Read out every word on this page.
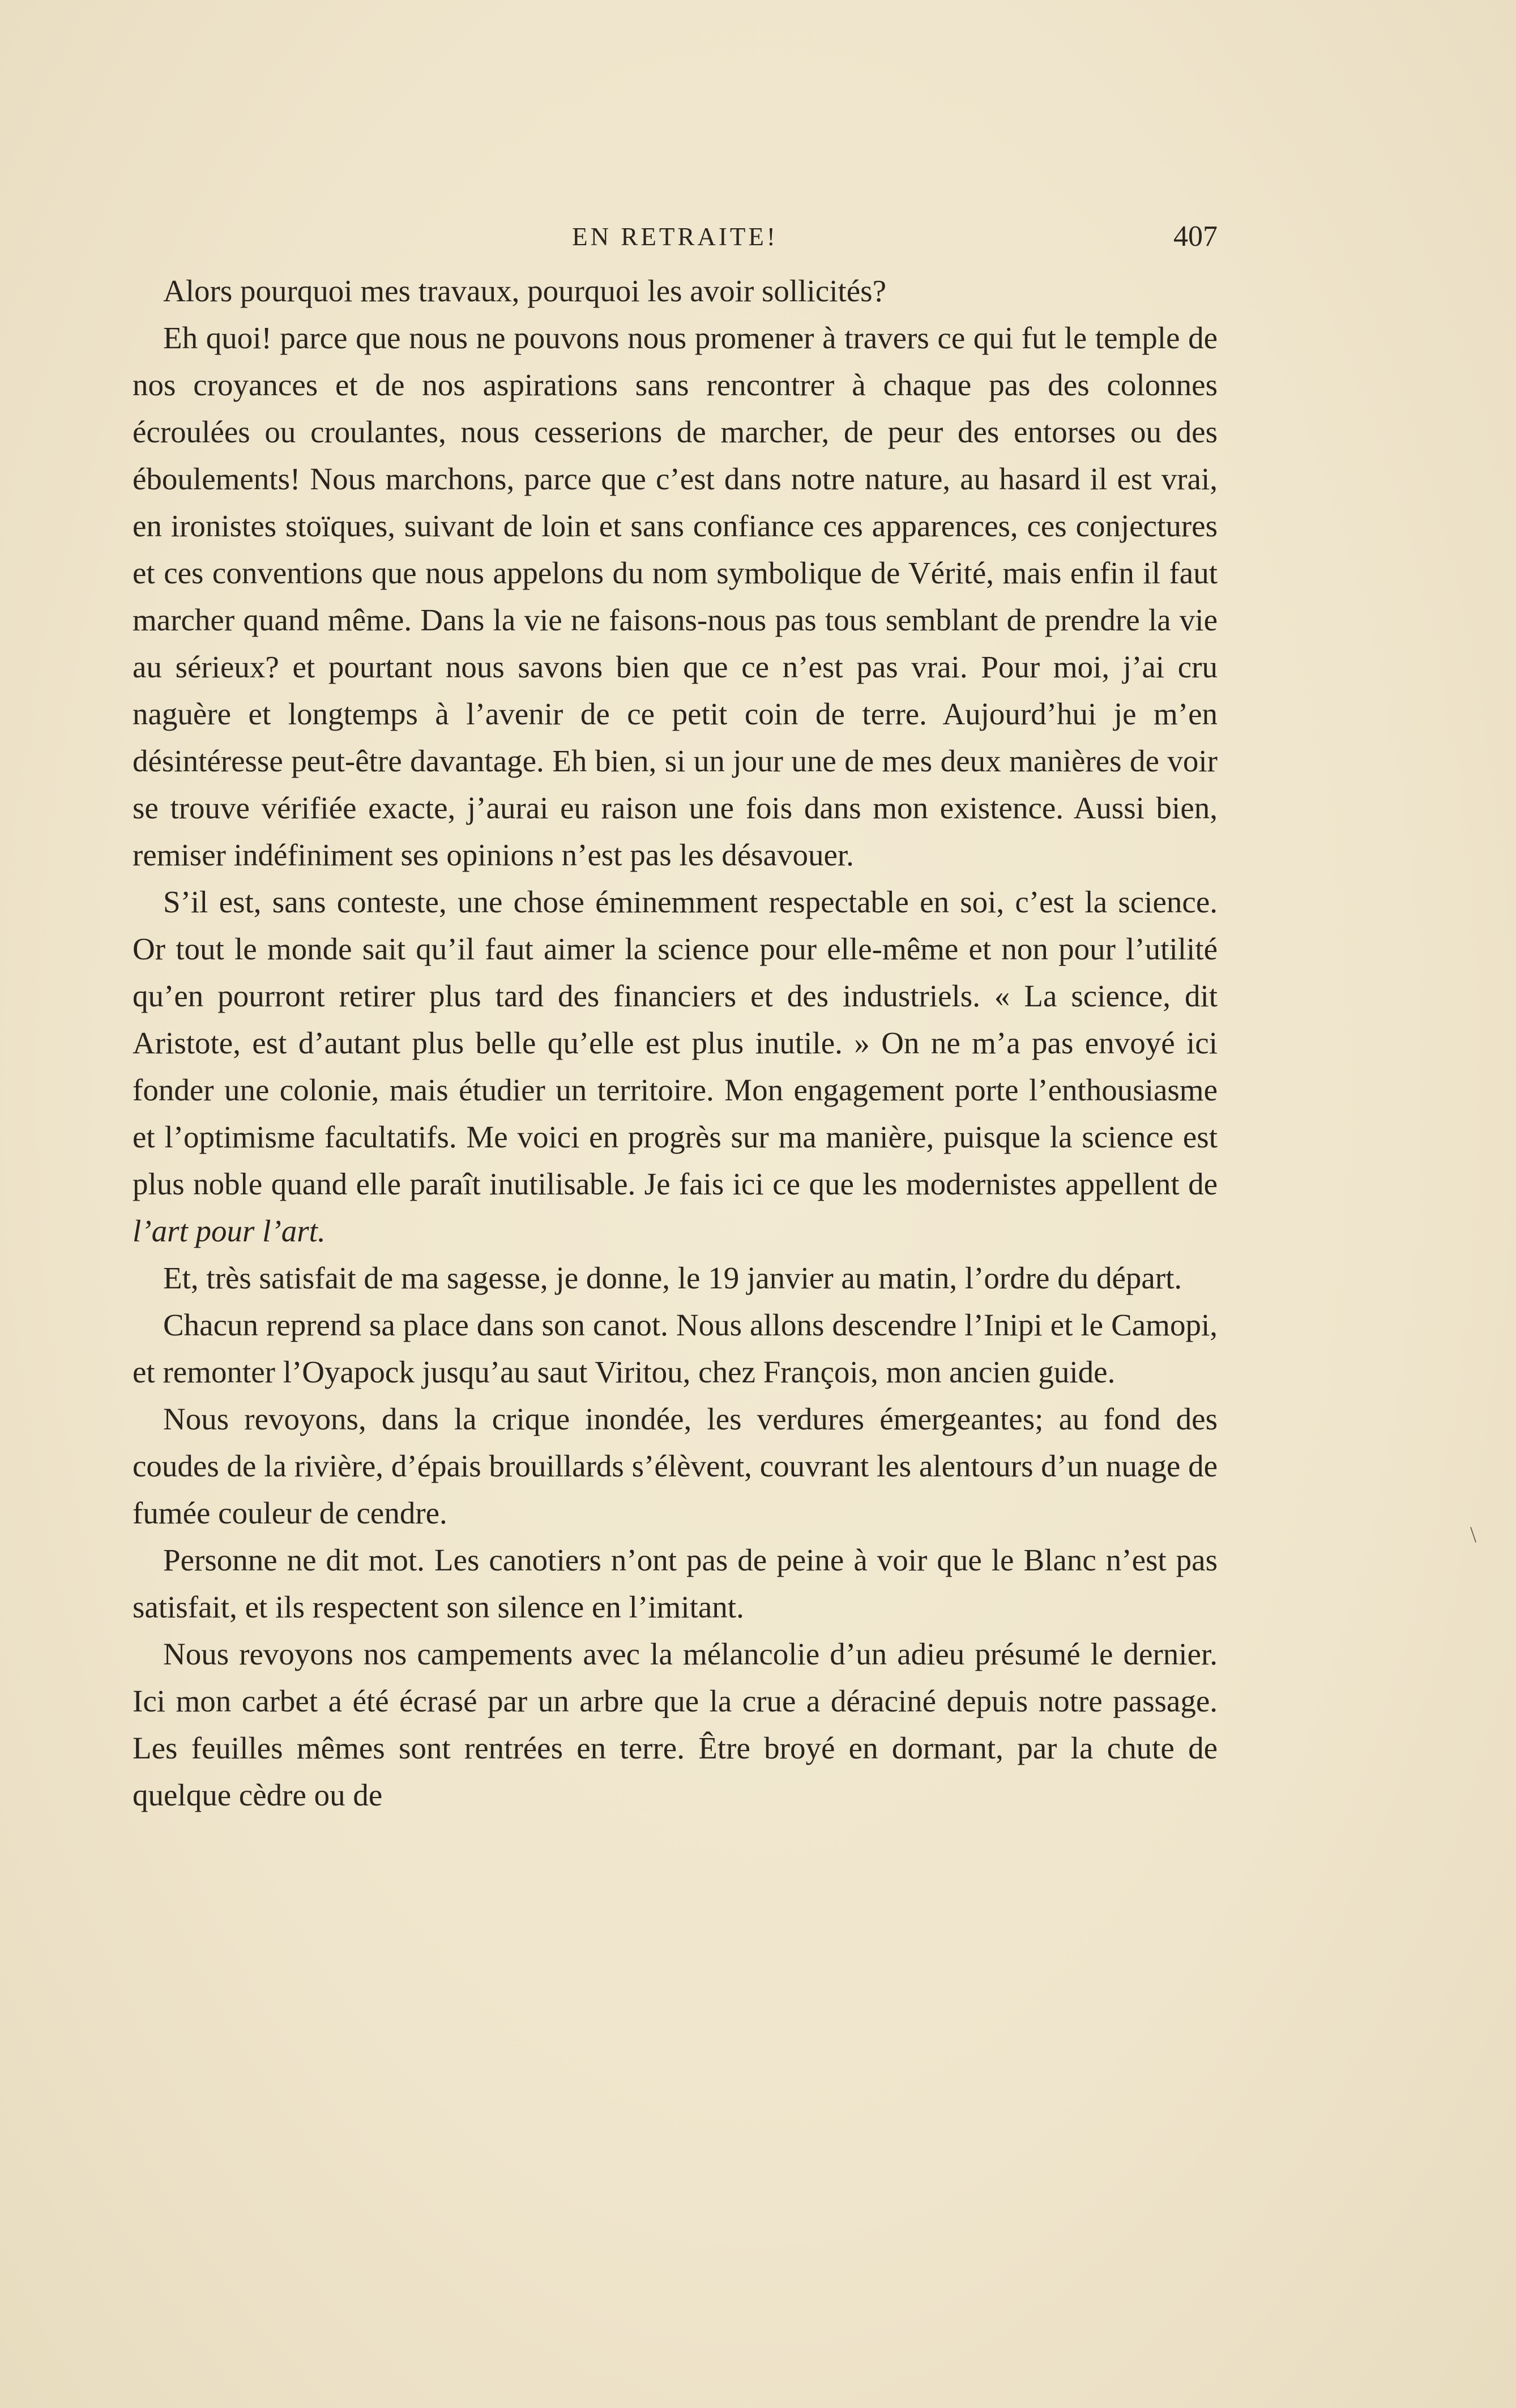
EN RETRAITE!	407

Alors pourquoi mes travaux, pourquoi les avoir sollicités?

Eh quoi! parce que nous ne pouvons nous promener à travers ce qui fut le temple de nos croyances et de nos aspirations sans rencontrer à chaque pas des colonnes écroulées ou croulantes, nous cesserions de marcher, de peur des entorses ou des éboulements! Nous marchons, parce que c’est dans notre nature, au hasard il est vrai, en ironistes stoïques, suivant de loin et sans confiance ces apparences, ces conjectures et ces conventions que nous appelons du nom symbolique de Vérité, mais enfin il faut marcher quand même. Dans la vie ne faisons-nous pas tous semblant de prendre la vie au sérieux? et pourtant nous savons bien que ce n’est pas vrai. Pour moi, j’ai cru naguère et longtemps à l’avenir de ce petit coin de terre. Aujourd’hui je m’en désintéresse peut-être davantage. Eh bien, si un jour une de mes deux manières de voir se trouve vérifiée exacte, j’aurai eu raison une fois dans mon existence. Aussi bien, remiser indéfiniment ses opinions n’est pas les désavouer.

S’il est, sans conteste, une chose éminemment respectable en soi, c’est la science. Or tout le monde sait qu’il faut aimer la science pour elle-même et non pour l’utilité qu’en pourront retirer plus tard des financiers et des industriels. « La science, dit Aristote, est d’autant plus belle qu’elle est plus inutile. » On ne m’a pas envoyé ici fonder une colonie, mais étudier un territoire. Mon engagement porte l’enthousiasme et l’optimisme facultatifs. Me voici en progrès sur ma manière, puisque la science est plus noble quand elle paraît inutilisable. Je fais ici ce que les modernistes appellent de l’art pour l’art.

Et, très satisfait de ma sagesse, je donne, le 19 janvier au matin, l’ordre du départ.

Chacun reprend sa place dans son canot. Nous allons descendre l’Inipi et le Camopi, et remonter l’Oyapock jusqu’au saut Viritou, chez François, mon ancien guide.

Nous revoyons, dans la crique inondée, les verdures émergeantes; au fond des coudes de la rivière, d’épais brouillards s’élèvent, couvrant les alentours d’un nuage de fumée couleur de cendre.

Personne ne dit mot. Les canotiers n’ont pas de peine à voir que le Blanc n’est pas satisfait, et ils respectent son silence en l’imitant.

Nous revoyons nos campements avec la mélancolie d’un adieu présumé le dernier. Ici mon carbet a été écrasé par un arbre que la crue a déraciné depuis notre passage. Les feuilles mêmes sont rentrées en terre. Être broyé en dormant, par la chute de quelque cèdre ou de

\
